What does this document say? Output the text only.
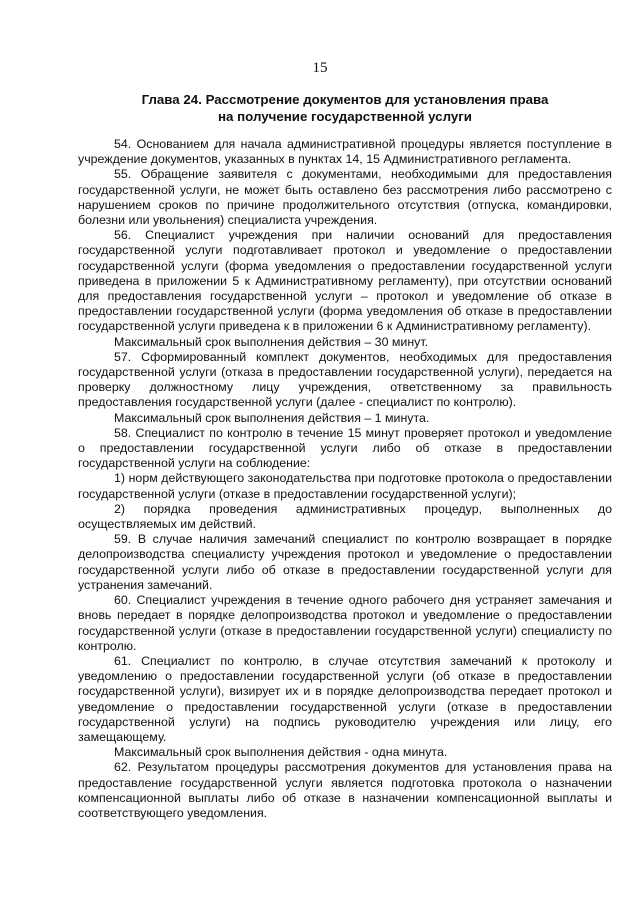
15
Глава 24. Рассмотрение документов для установления права
на получение государственной услуги

54. Основанием для начала административной процедуры является поступление в учреждение документов, указанных в пунктах 14, 15 Административного регламента.

55. Обращение заявителя с документами, необходимыми для предоставления государственной услуги, не может быть оставлено без рассмотрения либо рассмотрено с нарушением сроков по причине продолжительного отсутствия (отпуска, командировки, болезни или увольнения) специалиста учреждения.

56. Специалист учреждения при наличии оснований для предоставления государственной услуги подготавливает протокол и уведомление о предоставлении государственной услуги (форма уведомления о предоставлении государственной услуги приведена в приложении 5 к Административному регламенту), при отсутствии оснований для предоставления государственной услуги – протокол и уведомление об отказе в предоставлении государственной услуги (форма уведомления об отказе в предоставлении государственной услуги приведена к в приложении 6 к Административному регламенту).

Максимальный срок выполнения действия – 30 минут.

57. Сформированный комплект документов, необходимых для предоставления государственной услуги (отказа в предоставлении государственной услуги), передается на проверку должностному лицу учреждения, ответственному за правильность предоставления государственной услуги (далее - специалист по контролю).

Максимальный срок выполнения действия – 1 минута.

58. Специалист по контролю в течение 15 минут проверяет протокол и уведомление о предоставлении государственной услуги либо об отказе в предоставлении государственной услуги на соблюдение:

1) норм действующего законодательства при подготовке протокола о предоставлении государственной услуги (отказе в предоставлении государственной услуги);

2) порядка проведения административных процедур, выполненных до осуществляемых им действий.

59. В случае наличия замечаний специалист по контролю возвращает в порядке делопроизводства специалисту учреждения протокол и уведомление о предоставлении государственной услуги либо об отказе в предоставлении государственной услуги для устранения замечаний.

60. Специалист учреждения в течение одного рабочего дня устраняет замечания и вновь передает в порядке делопроизводства протокол и уведомление о предоставлении государственной услуги (отказе в предоставлении государственной услуги) специалисту по контролю.

61. Специалист по контролю, в случае отсутствия замечаний к протоколу и уведомлению о предоставлении государственной услуги (об отказе в предоставлении государственной услуги), визирует их и в порядке делопроизводства передает протокол и уведомление о предоставлении государственной услуги (отказе в предоставлении государственной услуги) на подпись руководителю учреждения или лицу, его замещающему.

Максимальный срок выполнения действия - одна минута.

62. Результатом процедуры рассмотрения документов для установления права на предоставление государственной услуги является подготовка протокола о назначении компенсационной выплаты либо об отказе в назначении компенсационной выплаты и соответствующего уведомления.
